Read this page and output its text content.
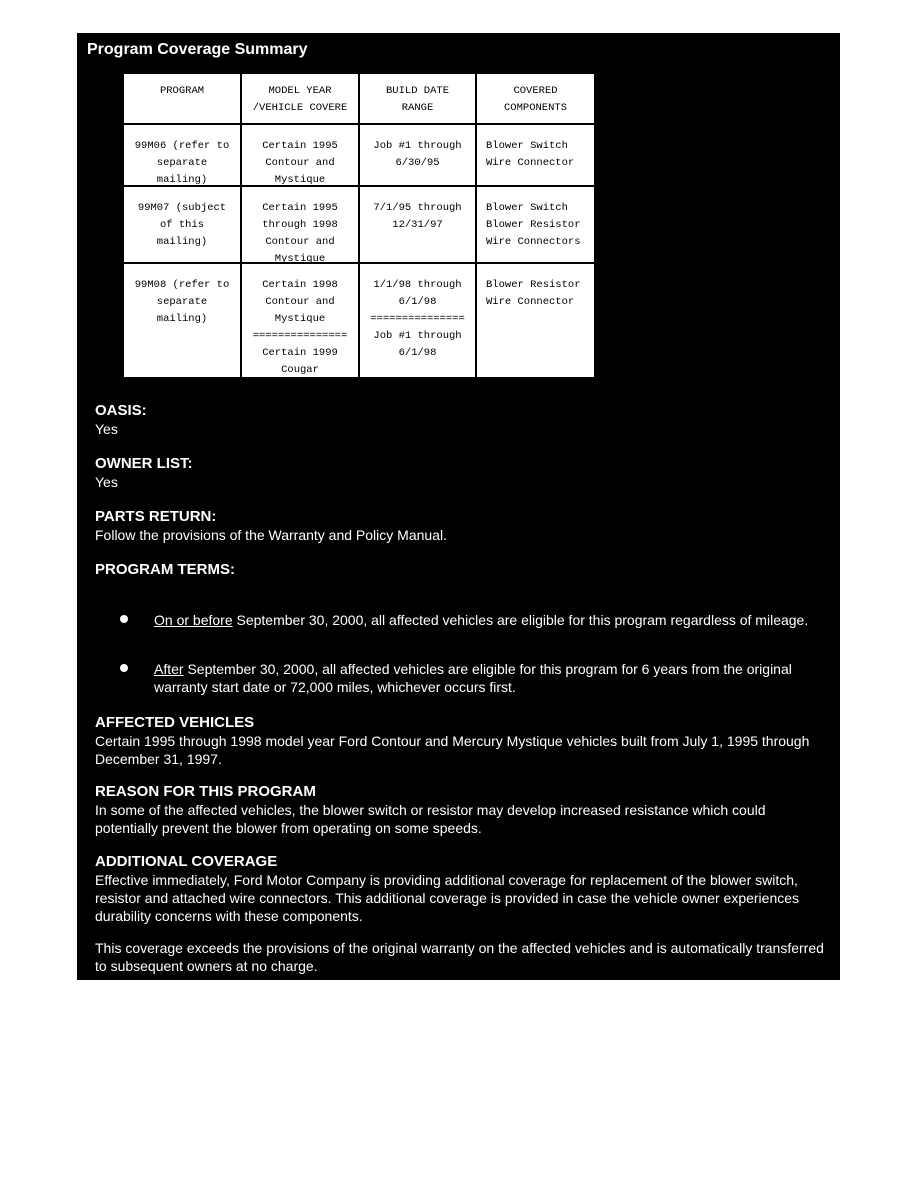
Program Coverage Summary
PROGRAM	MODEL YEAR
/VEHICLE COVERE
BUILD DATE
RANGE
COVERED
COMPONENTS
99M06 (refer to
separate
mailing)
Certain 1995
Contour and
Mystique
Job #1 through
6/30/95
Blower Switch
Wire Connector
99M07 (subject
of this
mailing)
Certain 1995
through 1998
Contour and
Mystique
7/1/95 through
12/31/97
Blower Switch
Blower Resistor
Wire Connectors
99M08 (refer to
separate
mailing)
Certain 1998
Contour and
Mystique
===============
Certain 1999
Cougar
1/1/98 through
6/1/98
===============
Job #1 through
6/1/98
Blower Resistor
Wire Connector
OASIS:
Yes
OWNER LIST:
Yes
PARTS RETURN:
Follow the provisions of the Warranty and Policy Manual.
PROGRAM TERMS:
On or before September 30, 2000, all affected vehicles are eligible for this program regardless of mileage.
After September 30, 2000, all affected vehicles are eligible for this program for 6 years from the original warranty start date or 72,000 miles, whichever occurs first.
AFFECTED VEHICLES
Certain 1995 through 1998 model year Ford Contour and Mercury Mystique vehicles built from July 1, 1995 through December 31, 1997.
REASON FOR THIS PROGRAM
In some of the affected vehicles, the blower switch or resistor may develop increased resistance which could potentially prevent the blower from operating on some speeds.
ADDITIONAL COVERAGE
Effective immediately, Ford Motor Company is providing additional coverage for replacement of the blower switch, resistor and attached wire connectors. This additional coverage is provided in case the vehicle owner experiences durability concerns with these components.
This coverage exceeds the provisions of the original warranty on the affected vehicles and is automatically transferred to subsequent owners at no charge.
